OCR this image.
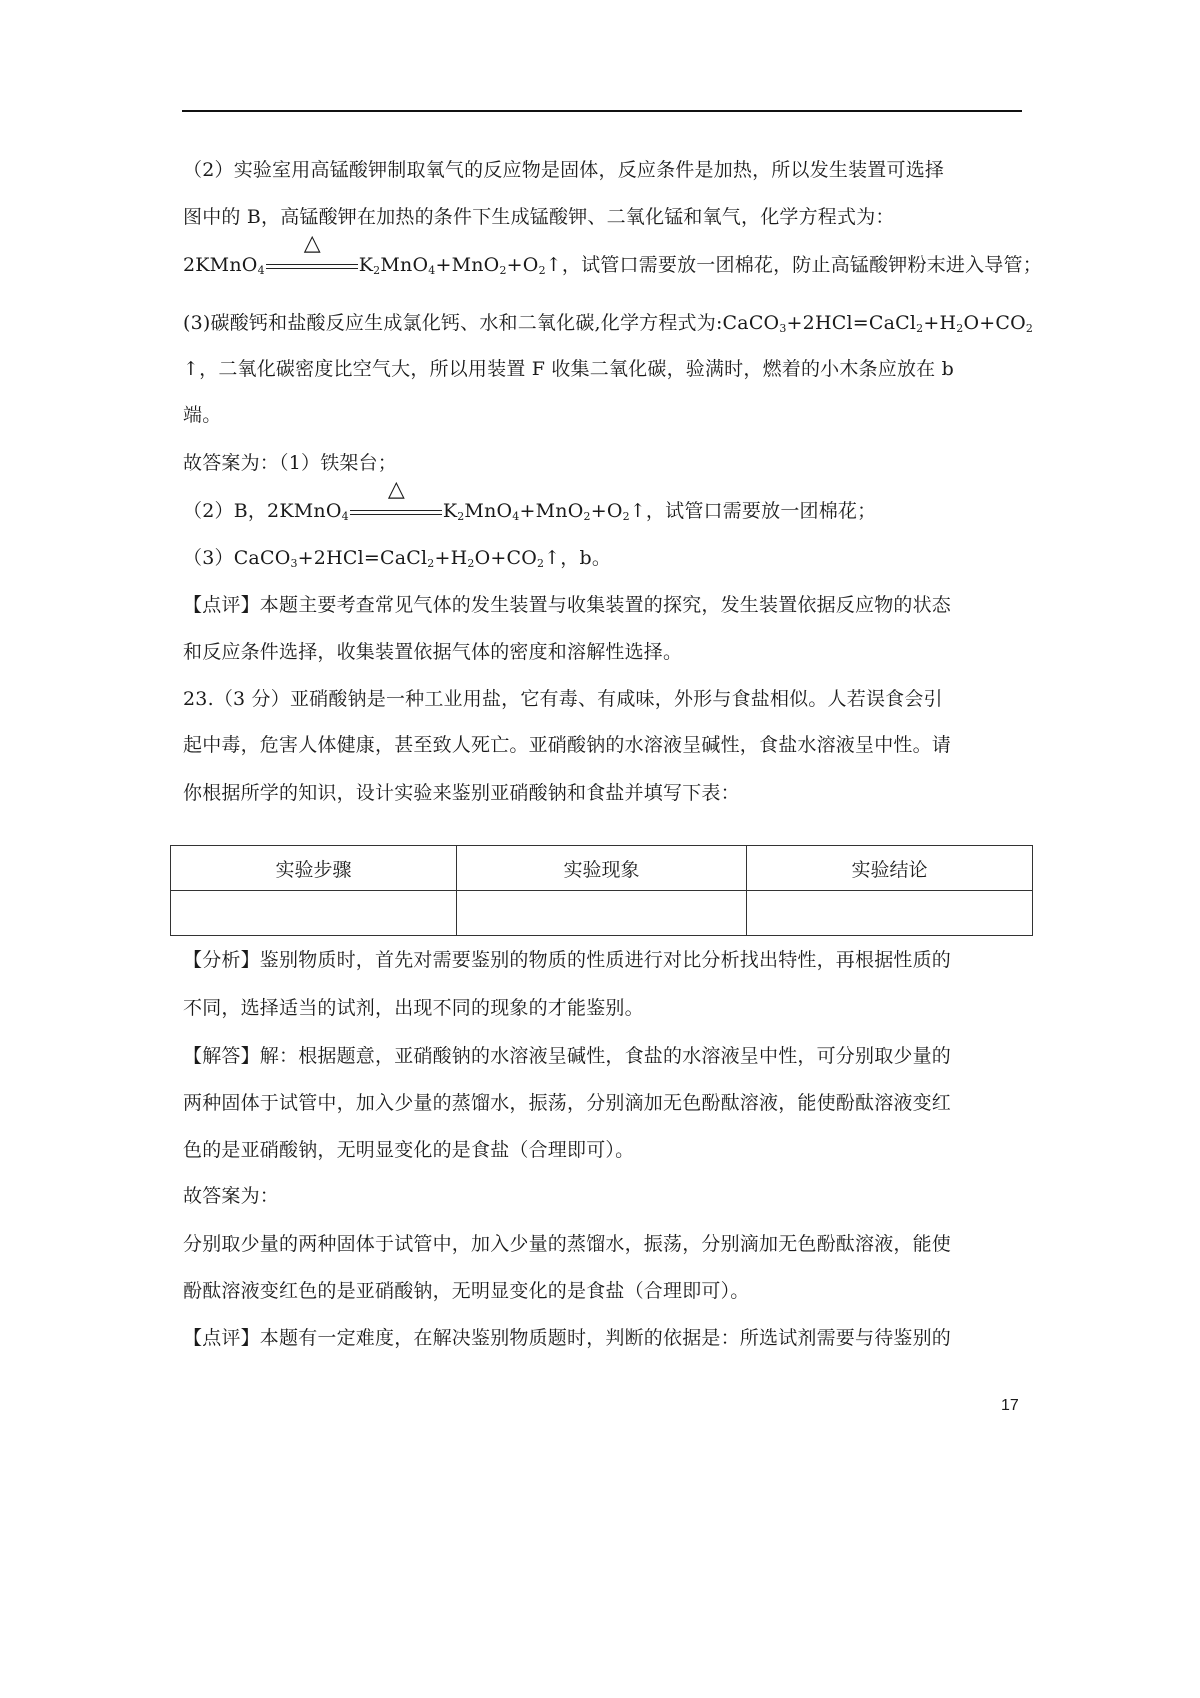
（2）实验室用高锰酸钾制取氧气的反应物是固体，反应条件是加热，所以发生装置可选择
图中的 B，高锰酸钾在加热的条件下生成锰酸钾、二氧化锰和氧气，化学方程式为：
2KMnO$_4$
△
$K_2MnO_4+MnO_2+O_2↑$，试管口需要放一团棉花，防止高锰酸钾粉末进入导管；
(3)碳酸钙和盐酸反应生成氯化钙、水和二氧化碳,化学方程式为$:CaCO_3+2HCl=CaCl_2+H_2O+CO_2$
↑，二氧化碳密度比空气大，所以用装置 F 收集二氧化碳，验满时，燃着的小木条应放在 b
端。
故答案为：（1）铁架台；
（2）B，2KMnO$_4$
△
$K_2MnO_4+MnO_2+O_2↑$，试管口需要放一团棉花；
$(3)CaCO_3+2HCl=CaCl_2+H_2O+CO_2↑$，b。
【点评】本题主要考查常见气体的发生装置与收集装置的探究，发生装置依据反应物的状态
和反应条件选择，收集装置依据气体的密度和溶解性选择。
23.（3 分）亚硝酸钠是一种工业用盐，它有毒、有咸味，外形与食盐相似。人若误食会引
起中毒，危害人体健康，甚至致人死亡。亚硝酸钠的水溶液呈碱性，食盐水溶液呈中性。请
你根据所学的知识，设计实验来鉴别亚硝酸钠和食盐并填写下表：
实验步骤	实验现象	实验结论

【分析】鉴别物质时，首先对需要鉴别的物质的性质进行对比分析找出特性，再根据性质的
不同，选择适当的试剂，出现不同的现象的才能鉴别。
【解答】解：根据题意，亚硝酸钠的水溶液呈碱性，食盐的水溶液呈中性，可分别取少量的
两种固体于试管中，加入少量的蒸馏水，振荡，分别滴加无色酚酞溶液，能使酚酞溶液变红
色的是亚硝酸钠，无明显变化的是食盐（合理即可）。
故答案为：
分别取少量的两种固体于试管中，加入少量的蒸馏水，振荡，分别滴加无色酚酞溶液，能使
酚酞溶液变红色的是亚硝酸钠，无明显变化的是食盐（合理即可）。
【点评】本题有一定难度，在解决鉴别物质题时，判断的依据是：所选试剂需要与待鉴别的
17
